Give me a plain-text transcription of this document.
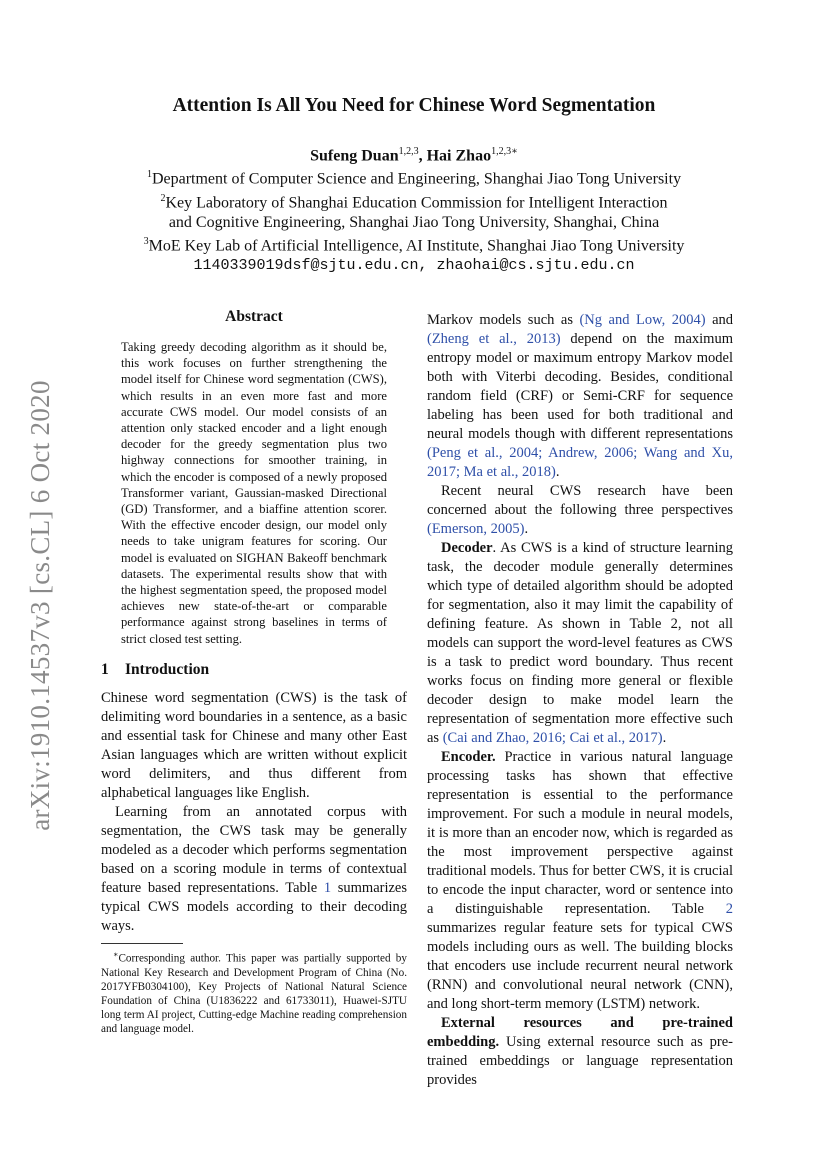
arXiv:1910.14537v3 [cs.CL] 6 Oct 2020
Attention Is All You Need for Chinese Word Segmentation
Sufeng Duan$^{1,2,3}$, Hai Zhao$^{1,2,3∗}$
$^1$Department of Computer Science and Engineering, Shanghai Jiao Tong University
$^2$Key Laboratory of Shanghai Education Commission for Intelligent Interaction
and Cognitive Engineering, Shanghai Jiao Tong University, Shanghai, China
$^3$MoE Key Lab of Artificial Intelligence, AI Institute, Shanghai Jiao Tong University
1140339019dsf@sjtu.edu.cn, zhaohai@cs.sjtu.edu.cn
Abstract
Taking greedy decoding algorithm as it should be, this work focuses on further strengthening the model itself for Chinese word segmentation (CWS), which results in an even more fast and more accurate CWS model. Our model consists of an attention only stacked encoder and a light enough decoder for the greedy segmentation plus two highway connections for smoother training, in which the encoder is composed of a newly proposed Transformer variant, Gaussian-masked Directional (GD) Transformer, and a biaffine attention scorer. With the effective encoder design, our model only needs to take unigram features for scoring. Our model is evaluated on SIGHAN Bakeoff benchmark datasets. The experimental results show that with the highest segmentation speed, the proposed model achieves new state-of-the-art or comparable performance against strong baselines in terms of strict closed test setting.
1 Introduction

Chinese word segmentation (CWS) is the task of delimiting word boundaries in a sentence, as a basic and essential task for Chinese and many other East Asian languages which are written without explicit word delimiters, and thus different from alphabetical languages like English.

Learning from an annotated corpus with segmentation, the CWS task may be generally modeled as a decoder which performs segmentation based on a scoring module in terms of contextual feature based representations. Table 1 summarizes typical CWS models according to their decoding ways.

∗Corresponding author. This paper was partially supported by National Key Research and Development Program of China (No. 2017YFB0304100), Key Projects of National Natural Science Foundation of China (U1836222 and 61733011), Huawei-SJTU long term AI project, Cutting-edge Machine reading comprehension and language model.

Markov models such as (Ng and Low, 2004) and (Zheng et al., 2013) depend on the maximum entropy model or maximum entropy Markov model both with Viterbi decoding. Besides, conditional random field (CRF) or Semi-CRF for sequence labeling has been used for both traditional and neural models though with different representations (Peng et al., 2004; Andrew, 2006; Wang and Xu, 2017; Ma et al., 2018).

Recent neural CWS research have been concerned about the following three perspectives (Emerson, 2005).

Decoder. As CWS is a kind of structure learning task, the decoder module generally determines which type of detailed algorithm should be adopted for segmentation, also it may limit the capability of defining feature. As shown in Table 2, not all models can support the word-level features as CWS is a task to predict word boundary. Thus recent works focus on finding more general or flexible decoder design to make model learn the representation of segmentation more effective such as (Cai and Zhao, 2016; Cai et al., 2017).

Encoder. Practice in various natural language processing tasks has shown that effective representation is essential to the performance improvement. For such a module in neural models, it is more than an encoder now, which is regarded as the most improvement perspective against traditional models. Thus for better CWS, it is crucial to encode the input character, word or sentence into a distinguishable representation. Table 2 summarizes regular feature sets for typical CWS models including ours as well. The building blocks that encoders use include recurrent neural network (RNN) and convolutional neural network (CNN), and long short-term memory (LSTM) network.

External resources and pre-trained embedding. Using external resource such as pre-trained embeddings or language representation provides
